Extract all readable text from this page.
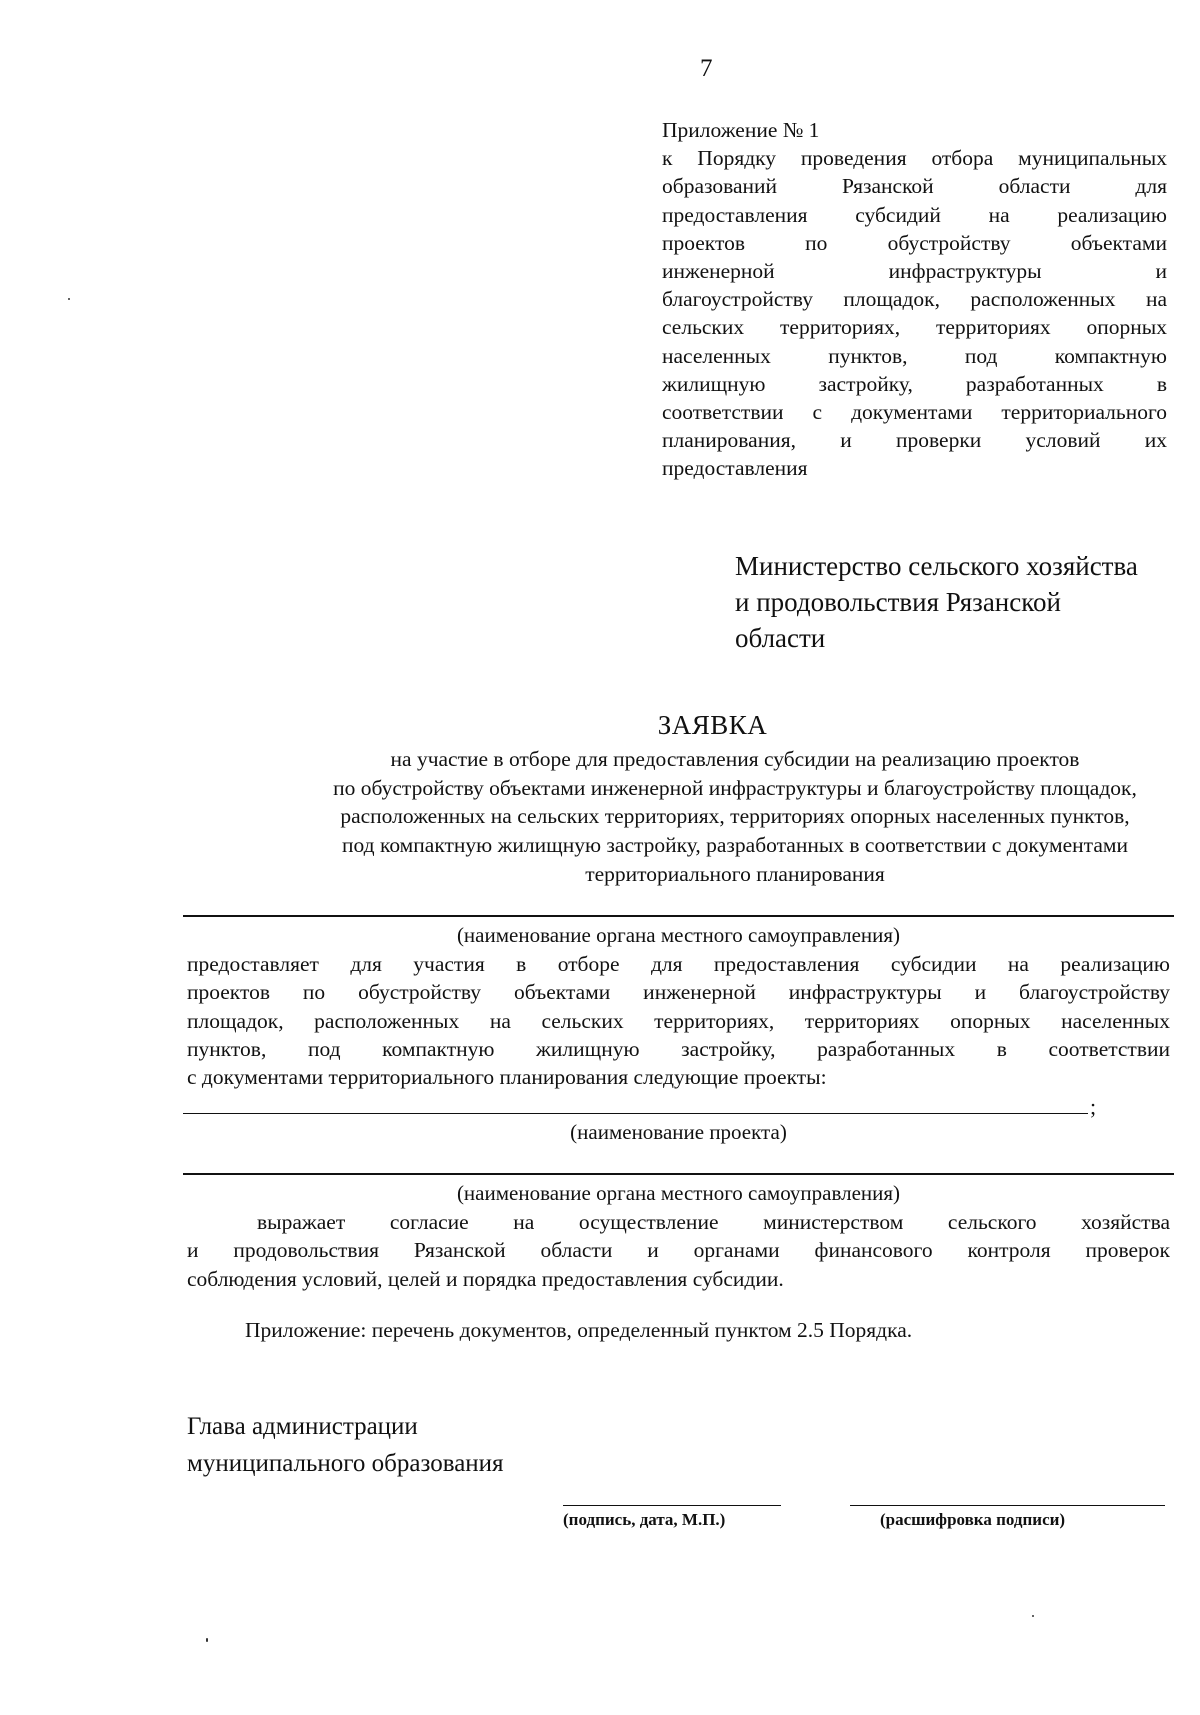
7
Приложение № 1
к Порядку проведения отбора муниципальных
образований Рязанской области для
предоставления субсидий на реализацию
проектов по обустройству объектами
инженерной инфраструктуры и
благоустройству площадок, расположенных на
сельских территориях, территориях опорных
населенных пунктов, под компактную
жилищную застройку, разработанных в
соответствии с документами территориального
планирования, и проверки условий их
предоставления
Министерство сельского хозяйства
и продовольствия Рязанской
области
ЗАЯВКА
на участие в отборе для предоставления субсидии на реализацию проектов
по обустройству объектами инженерной инфраструктуры и благоустройству площадок,
расположенных на сельских территориях, территориях опорных населенных пунктов,
под компактную жилищную застройку, разработанных в соответствии с документами
территориального планирования
(наименование органа местного самоуправления)
предоставляет для участия в отборе для предоставления субсидии на реализацию
проектов по обустройству объектами инженерной инфраструктуры и благоустройству
площадок, расположенных на сельских территориях, территориях опорных населенных
пунктов, под компактную жилищную застройку, разработанных в соответствии
с документами территориального планирования следующие проекты:
;
(наименование проекта)
(наименование органа местного самоуправления)
выражает согласие на осуществление министерством сельского хозяйства
и продовольствия Рязанской области и органами финансового контроля проверок
соблюдения условий, целей и порядка предоставления субсидии.
Приложение: перечень документов, определенный пунктом 2.5 Порядка.
Глава администрации
муниципального образования
(подпись, дата, М.П.)	(расшифровка подписи)
